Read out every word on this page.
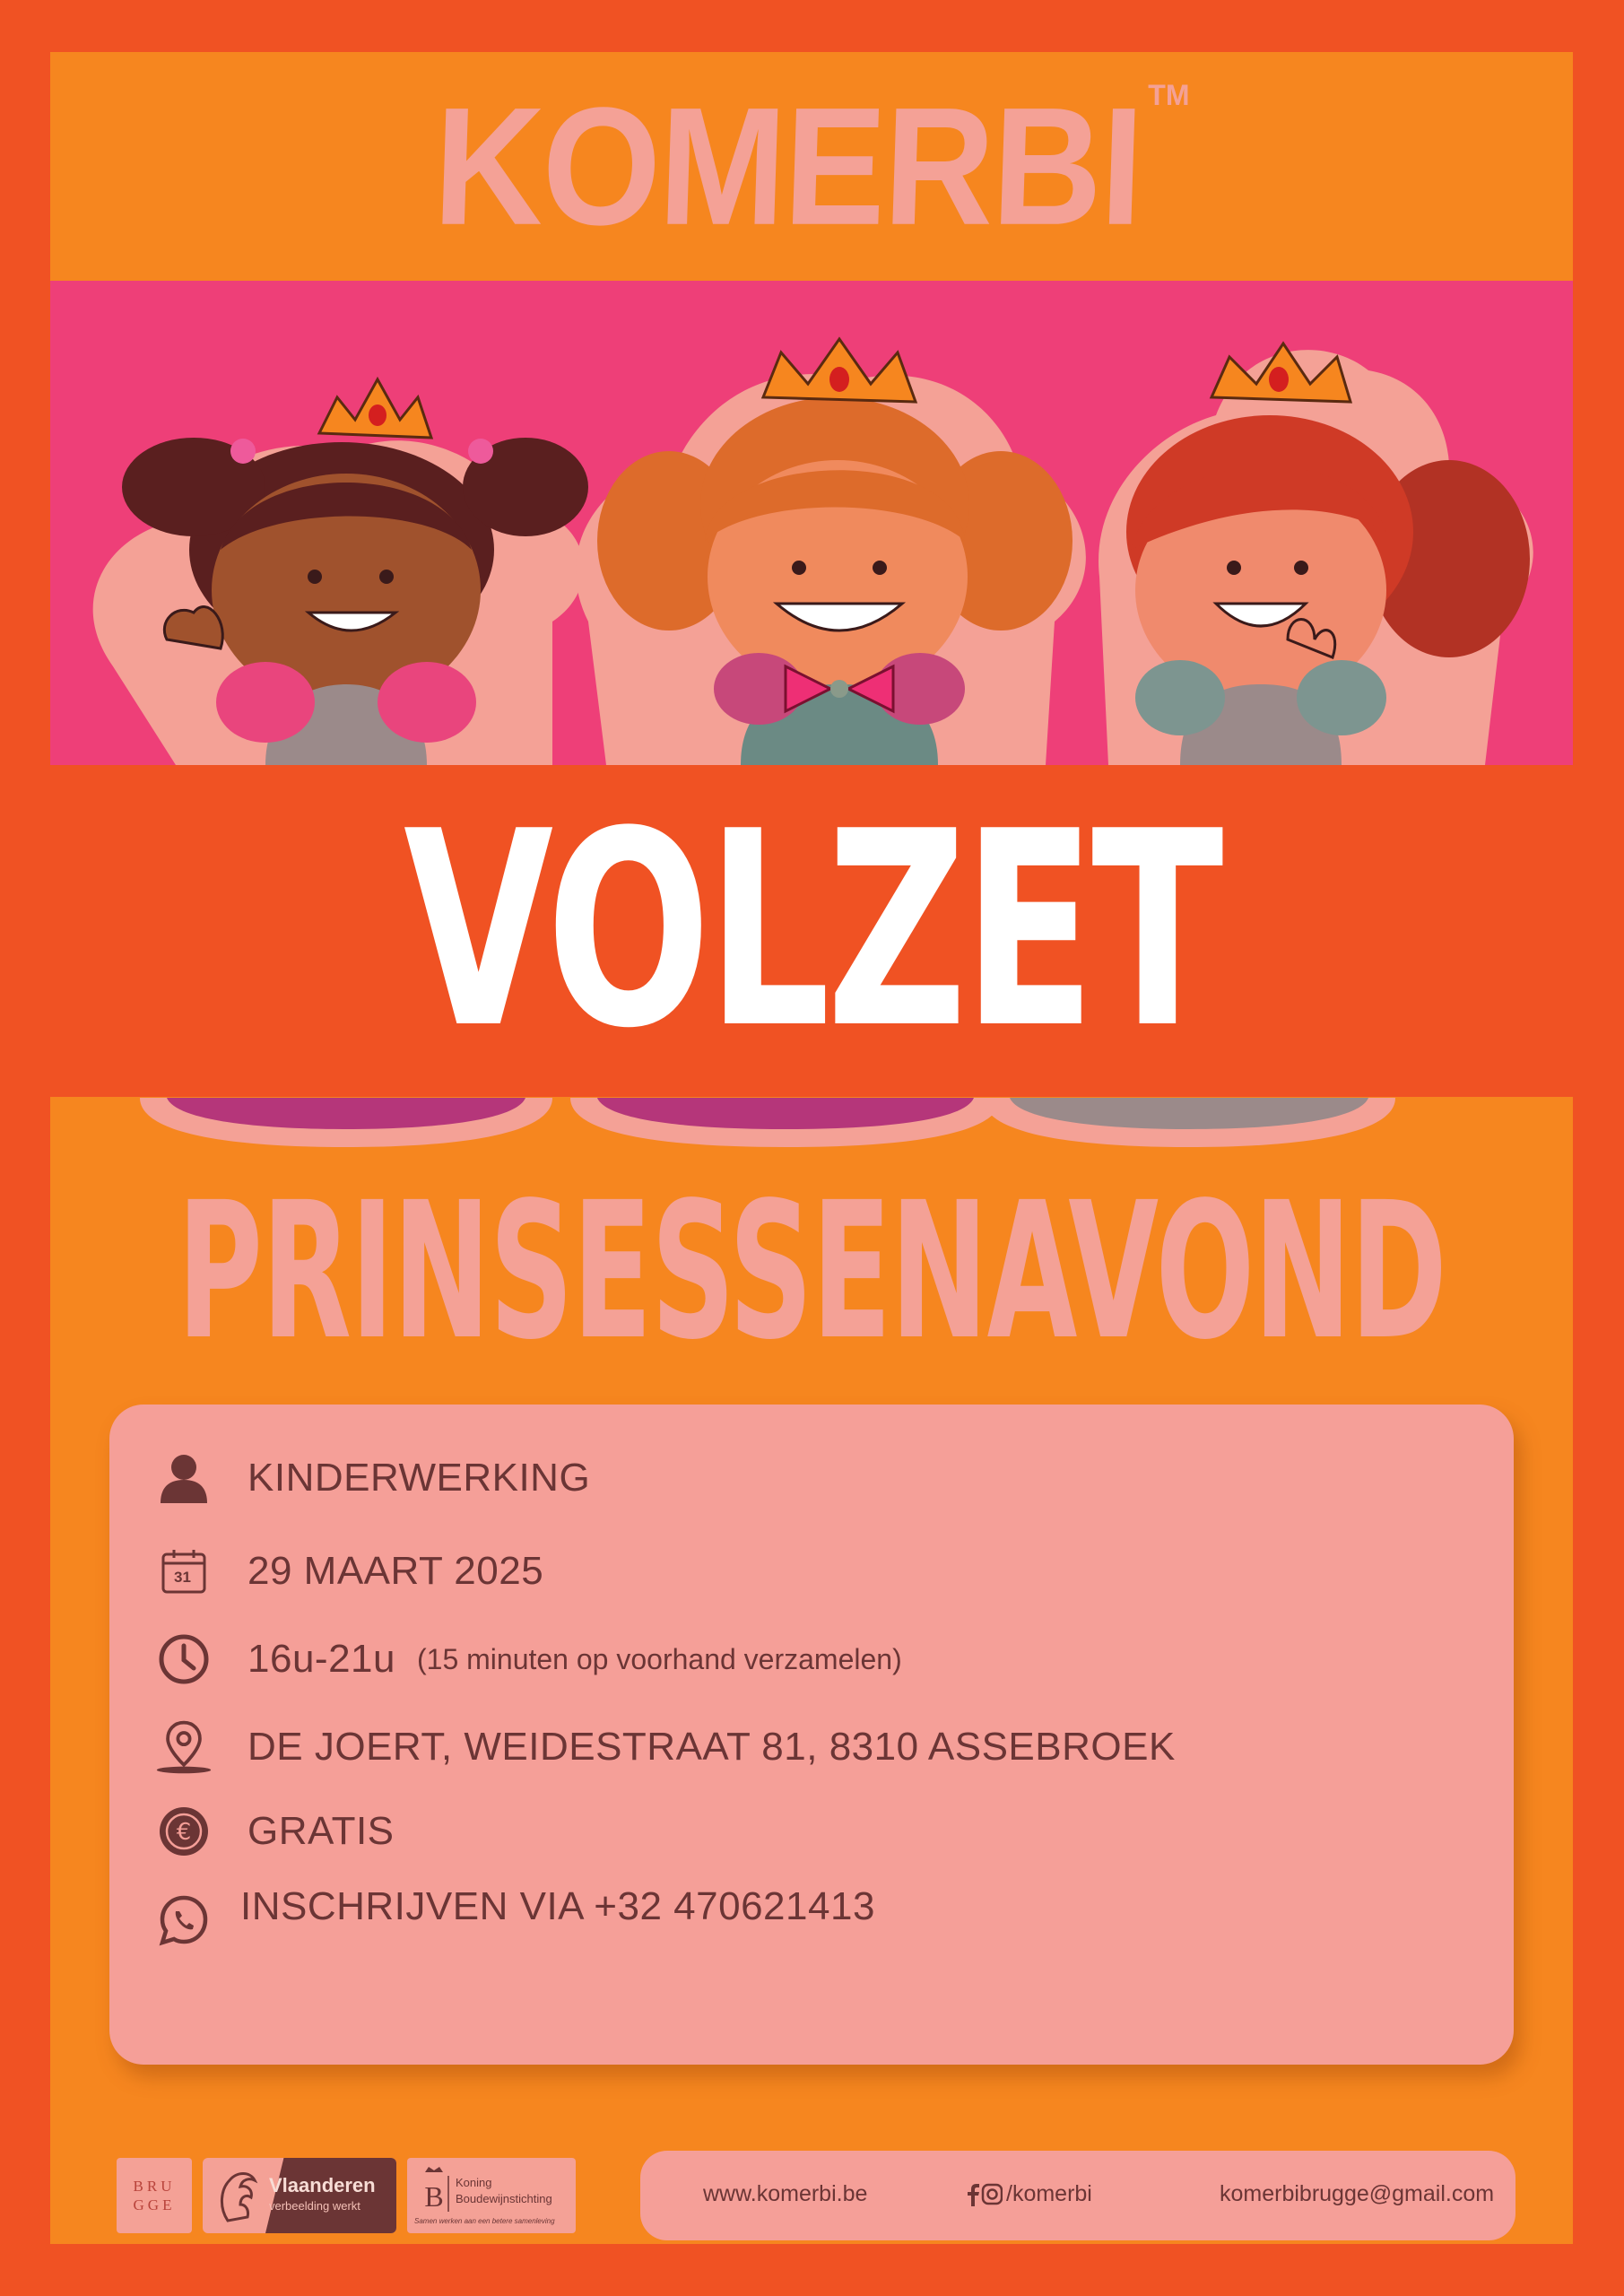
KOMERBI TM
VOLZET
PRINSESSENAVOND
KINDERWERKING
31 29 MAART 2025
16u-21u (15 minuten op voorhand verzamelen)
DE JOERT, WEIDESTRAAT 81, 8310 ASSEBROEK
€ GRATIS
INSCHRIJVEN VIA +32 470621413
BRU
GGE
Vlaanderen
verbeelding werkt B Koning
Boudewijnstichting
Samen werken aan een betere samenleving
www.komerbi.be	/komerbi	komerbibrugge@gmail.com
